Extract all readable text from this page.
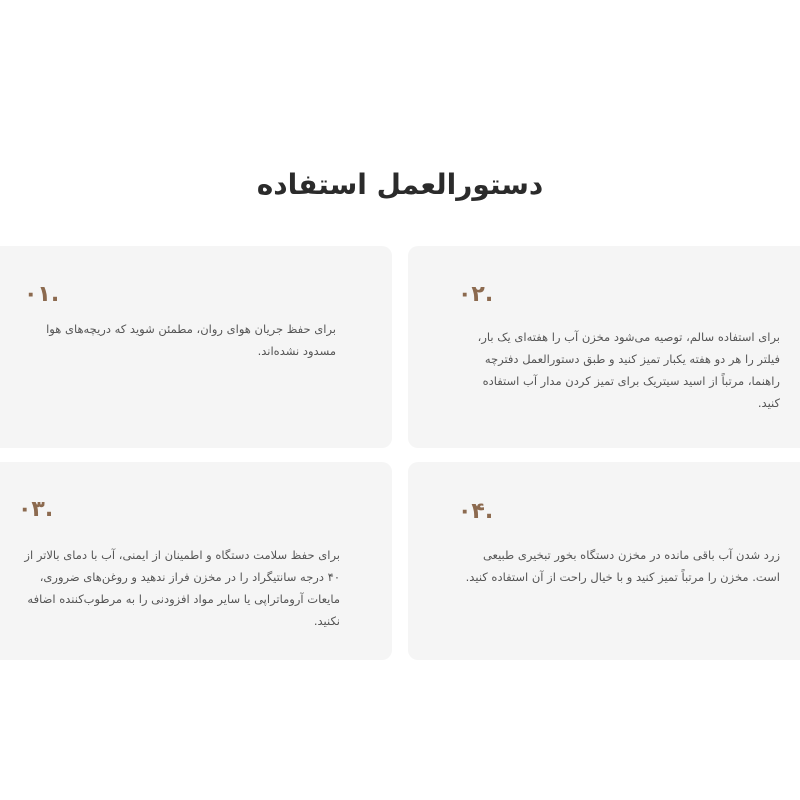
دستورالعمل استفاده
۰۱.
برای حفظ جریان هوای روان، مطمئن شوید که دریچه‌های هوا مسدود نشده‌اند.
۰۲.
برای استفاده سالم، توصیه می‌شود مخزن آب را هفته‌ای یک بار، فیلتر را هر دو هفته یکبار تمیز کنید و طبق دستورالعمل دفترچه راهنما، مرتباً از اسید سیتریک برای تمیز کردن مدار آب استفاده کنید.
۰۳.
برای حفظ سلامت دستگاه و اطمینان از ایمنی، آب با دمای بالاتر از ۴۰ درجه سانتیگراد را در مخزن فراز ندهید و روغن‌های ضروری، مایعات آروماتراپی یا سایر مواد افزودنی را به مرطوب‌کننده اضافه نکنید.
۰۴.
زرد شدن آب باقی مانده در مخزن دستگاه بخور تبخیری طبیعی است. مخزن را مرتباً تمیز کنید و با خیال راحت از آن استفاده کنید.
